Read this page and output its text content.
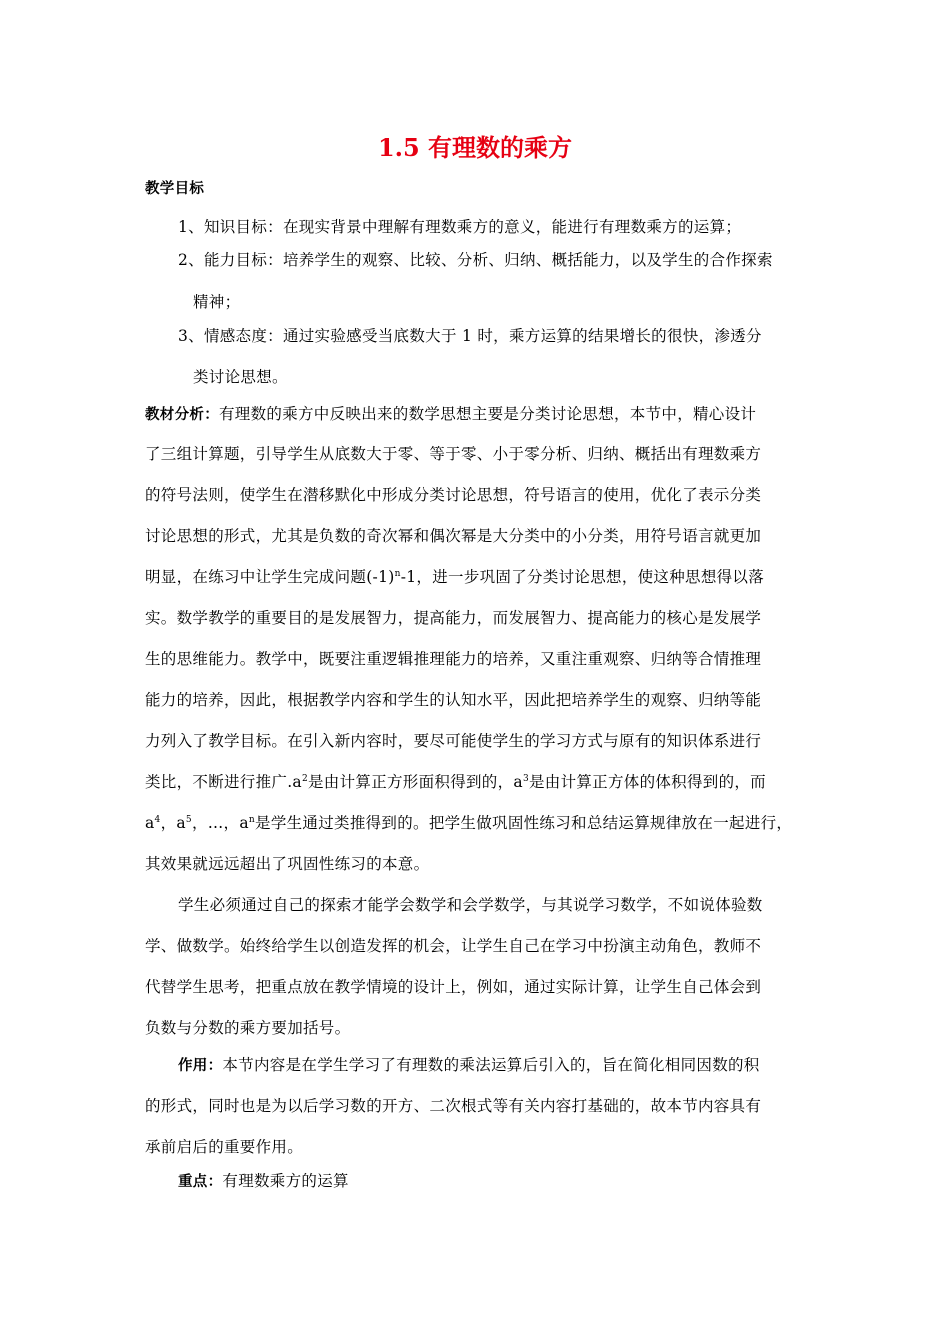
1.5 有理数的乘方
教学目标
1、知识目标：在现实背景中理解有理数乘方的意义，能进行有理数乘方的运算；
2、能力目标：培养学生的观察、比较、分析、归纳、概括能力，以及学生的合作探索
精神；
3、情感态度：通过实验感受当底数大于 1 时，乘方运算的结果增长的很快，渗透分
类讨论思想。
教材分析：有理数的乘方中反映出来的数学思想主要是分类讨论思想，本节中，精心设计
了三组计算题，引导学生从底数大于零、等于零、小于零分析、归纳、概括出有理数乘方
的符号法则，使学生在潜移默化中形成分类讨论思想，符号语言的使用，优化了表示分类
讨论思想的形式，尤其是负数的奇次幂和偶次幂是大分类中的小分类，用符号语言就更加
明显，在练习中让学生完成问题$(-1)^n-1$，进一步巩固了分类讨论思想，使这种思想得以落
实。数学教学的重要目的是发展智力，提高能力，而发展智力、提高能力的核心是发展学
生的思维能力。教学中，既要注重逻辑推理能力的培养，又重注重观察、归纳等合情推理
能力的培养，因此，根据教学内容和学生的认知水平，因此把培养学生的观察、归纳等能
力列入了教学目标。在引入新内容时，要尽可能使学生的学习方式与原有的知识体系进行
类比，不断进行推广$.a^2$是由计算正方形面积得到的，$a^3$是由计算正方体的体积得到的，而
$a^4$，$a^5$，…，$a^n$是学生通过类推得到的。把学生做巩固性练习和总结运算规律放在一起进行，
其效果就远远超出了巩固性练习的本意。
学生必须通过自己的探索才能学会数学和会学数学，与其说学习数学，不如说体验数
学、做数学。始终给学生以创造发挥的机会，让学生自己在学习中扮演主动角色，教师不
代替学生思考，把重点放在教学情境的设计上，例如，通过实际计算，让学生自己体会到
负数与分数的乘方要加括号。
作用：本节内容是在学生学习了有理数的乘法运算后引入的，旨在简化相同因数的积
的形式，同时也是为以后学习数的开方、二次根式等有关内容打基础的，故本节内容具有
承前启后的重要作用。
重点：有理数乘方的运算
